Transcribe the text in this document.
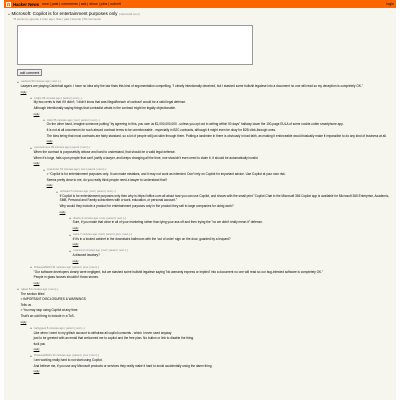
Y Hacker News new | past | comments | ask | show | jobs | submit	login
Microsoft: Copilot is for entertainment purposes only (microsoft.com)
76 points by ignoran 1 hour ago | hide | past | favorite | 69 comments
add comment
vavilovis 59 minutes ago | next [–]

Lawyers are playing Calvinball again. I have no idea why the law finds this kind of argumentation compelling. "I clearly intentionally deceived, but I stashed some bullshit legalese into a document no one will read so my deception is completely OK."

reply
tonijhe 58 minutes ago | parent | next [–]

My two cents is that if it didn't, 'I didn't know that was illegal/breach of contract' would be a valid legal defense.

Although intentionally saying things that contradict whats in the contract might be legally objectionable.

reply
jinkle 55 minutes ago | root | parent | next [–]

On the other hand, imagine someone putting "by agreeing to this, you owe us $1,000,000,000 - unless you opt out in writing within 90 days" halfway down the 100-page EULA of some cookie-cutter smartphone app.

It is not at all uncommon for such absurd contract terms to be unenforceable - especially in B2C contracts, although it might even be okay for B2B click-through ones.

The idea being that most contracts are fairly standard, so a lot of people will just skim through them. Putting a landmine in there is obviously in bad faith, as making it enforceable would basically make it impossible to do any kind of business at all.

reply
meroneirmore 55 minutes ago | parent | next [–]

When the contract is purposefully obtuse and hard to understand, that should be a valid legal defense.

When it's huge, falls upon people that can't justify a lawyer, and keeps changing all the time, one shouldn't even need to claim it. It should be automatically invalid.

reply
pessimizer 51 minutes ago | root | parent | next [–]

> "Copilot is for entertainment purposes only. It can make mistakes, and it may not work as intended. Don't rely on Copilot for important advice. Use Copilot at your own risk.

Seems pretty clear to me, do you really think people need a lawyer to understand that?

reply
jerrlsekul 5 minutes ago | root | parent | next [–]

If Copilot is for entertainment purposes only then why is https://office.com all about how you can use Copilot, and shows with the small print "Copilot Chat in the Microsoft 365 Copilot app is available for Microsoft 365 Enterprise, Academic, SMB, Personal and Family subscribers with a work, education, or personal account."

Why would they include a product for entertainment purposes only in the product they sell to large companies for doing work?

reply
Okedo 4 minutes ago | root | parent | next [–]

Sure, if you make that clear in all of your marketing rather than lying your ass off and then trying the "no we didn't really mean it" defense.

reply
burke 7 minutes ago | root | parent | prev | next [–]

If it's in a locked cabinet in the downstairs bathroom with the 'out of order' sign on the door, guarded by a leopard?

reply
musrara 2 minutes ago | root | parent | next [–]

A disused lavatory?

reply
Pickaxes89231 51 minutes ago | parent | prev | next [–]

"Our software developers clearly were negligent, but we stashed some bullshit legalese saying 'No warranty express or implied' into a document no one will read so our bug-infested software is completely OK."

People in glass houses shouldn't throw stones.

reply
xglwei 54 minutes ago | next [–]

The section titled

> IMPORTANT DISCLOSURES & WARNINGS

Tells us

> You may stop using Copilot at any time.

That's an odd thing to include in a ToS.

reply
hardygeek 8 minutes ago | parent | next [–]

Like when I went to my github account to withdraw all copilot consents - which I never used anyway

just to be greeted with an email that welcomed me to copilot and the free plan. No button or link to disable the thing.

fuck you

reply
Pickaxes89231 20 minutes ago | parent | prev | next [–]

I am working really hard to not start using Copilot.

And believe me, if you use any Microsoft products or services they really make it hard to avoid accidentally using the damn thing.

reply
